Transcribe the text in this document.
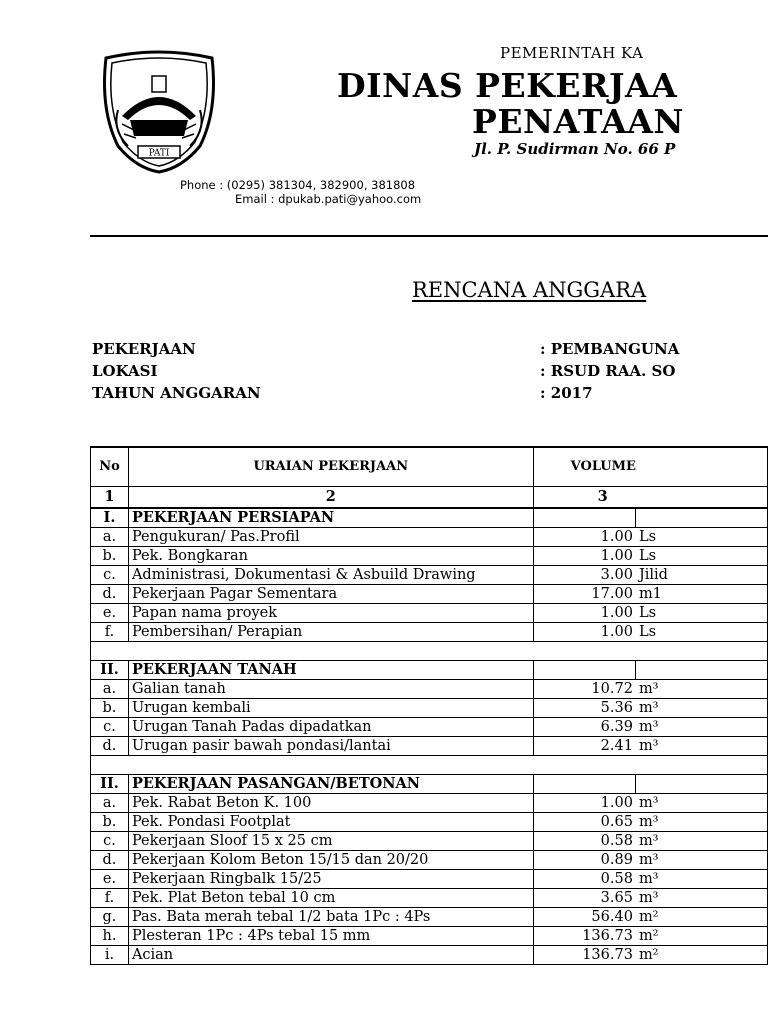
PATI
PEMERINTAH KA
DINAS PEKERJAA
PENATAAN
Jl. P. Sudirman No. 66 P
Phone : (0295) 381304, 382900, 381808
Email : dpukab.pati@yahoo.com
RENCANA ANGGARA
PEKERJAAN	: PEMBANGUNA
LOKASI	: RSUD RAA. SO
TAHUN ANGGARAN	: 2017
No	URAIAN PEKERJAAN	VOLUME	
1	2	3	
I.	PEKERJAAN PERSIAPAN		
a.	Pengukuran/ Pas.Profil	1.00	Ls
b.	Pek. Bongkaran	1.00	Ls
c.	Administrasi, Dokumentasi & Asbuild Drawing	3.00	Jilid
d.	Pekerjaan Pagar Sementara	17.00	m1
e.	Papan nama proyek	1.00	Ls
f.	Pembersihan/ Perapian	1.00	Ls

II.	PEKERJAAN TANAH		
a.	Galian tanah	10.72	m³
b.	Urugan kembali	5.36	m³
c.	Urugan Tanah Padas dipadatkan	6.39	m³
d.	Urugan pasir bawah pondasi/lantai	2.41	m³

II.	PEKERJAAN PASANGAN/BETONAN		
a.	Pek. Rabat Beton K. 100	1.00	m³
b.	Pek. Pondasi Footplat	0.65	m³
c.	Pekerjaan Sloof 15 x 25 cm	0.58	m³
d.	Pekerjaan Kolom Beton 15/15 dan 20/20	0.89	m³
e.	Pekerjaan Ringbalk 15/25	0.58	m³
f.	Pek. Plat Beton tebal 10 cm	3.65	m³
g.	Pas. Bata merah tebal 1/2 bata 1Pc : 4Ps	56.40	m²
h.	Plesteran 1Pc : 4Ps tebal 15 mm	136.73	m²
i.	Acian	136.73	m²
